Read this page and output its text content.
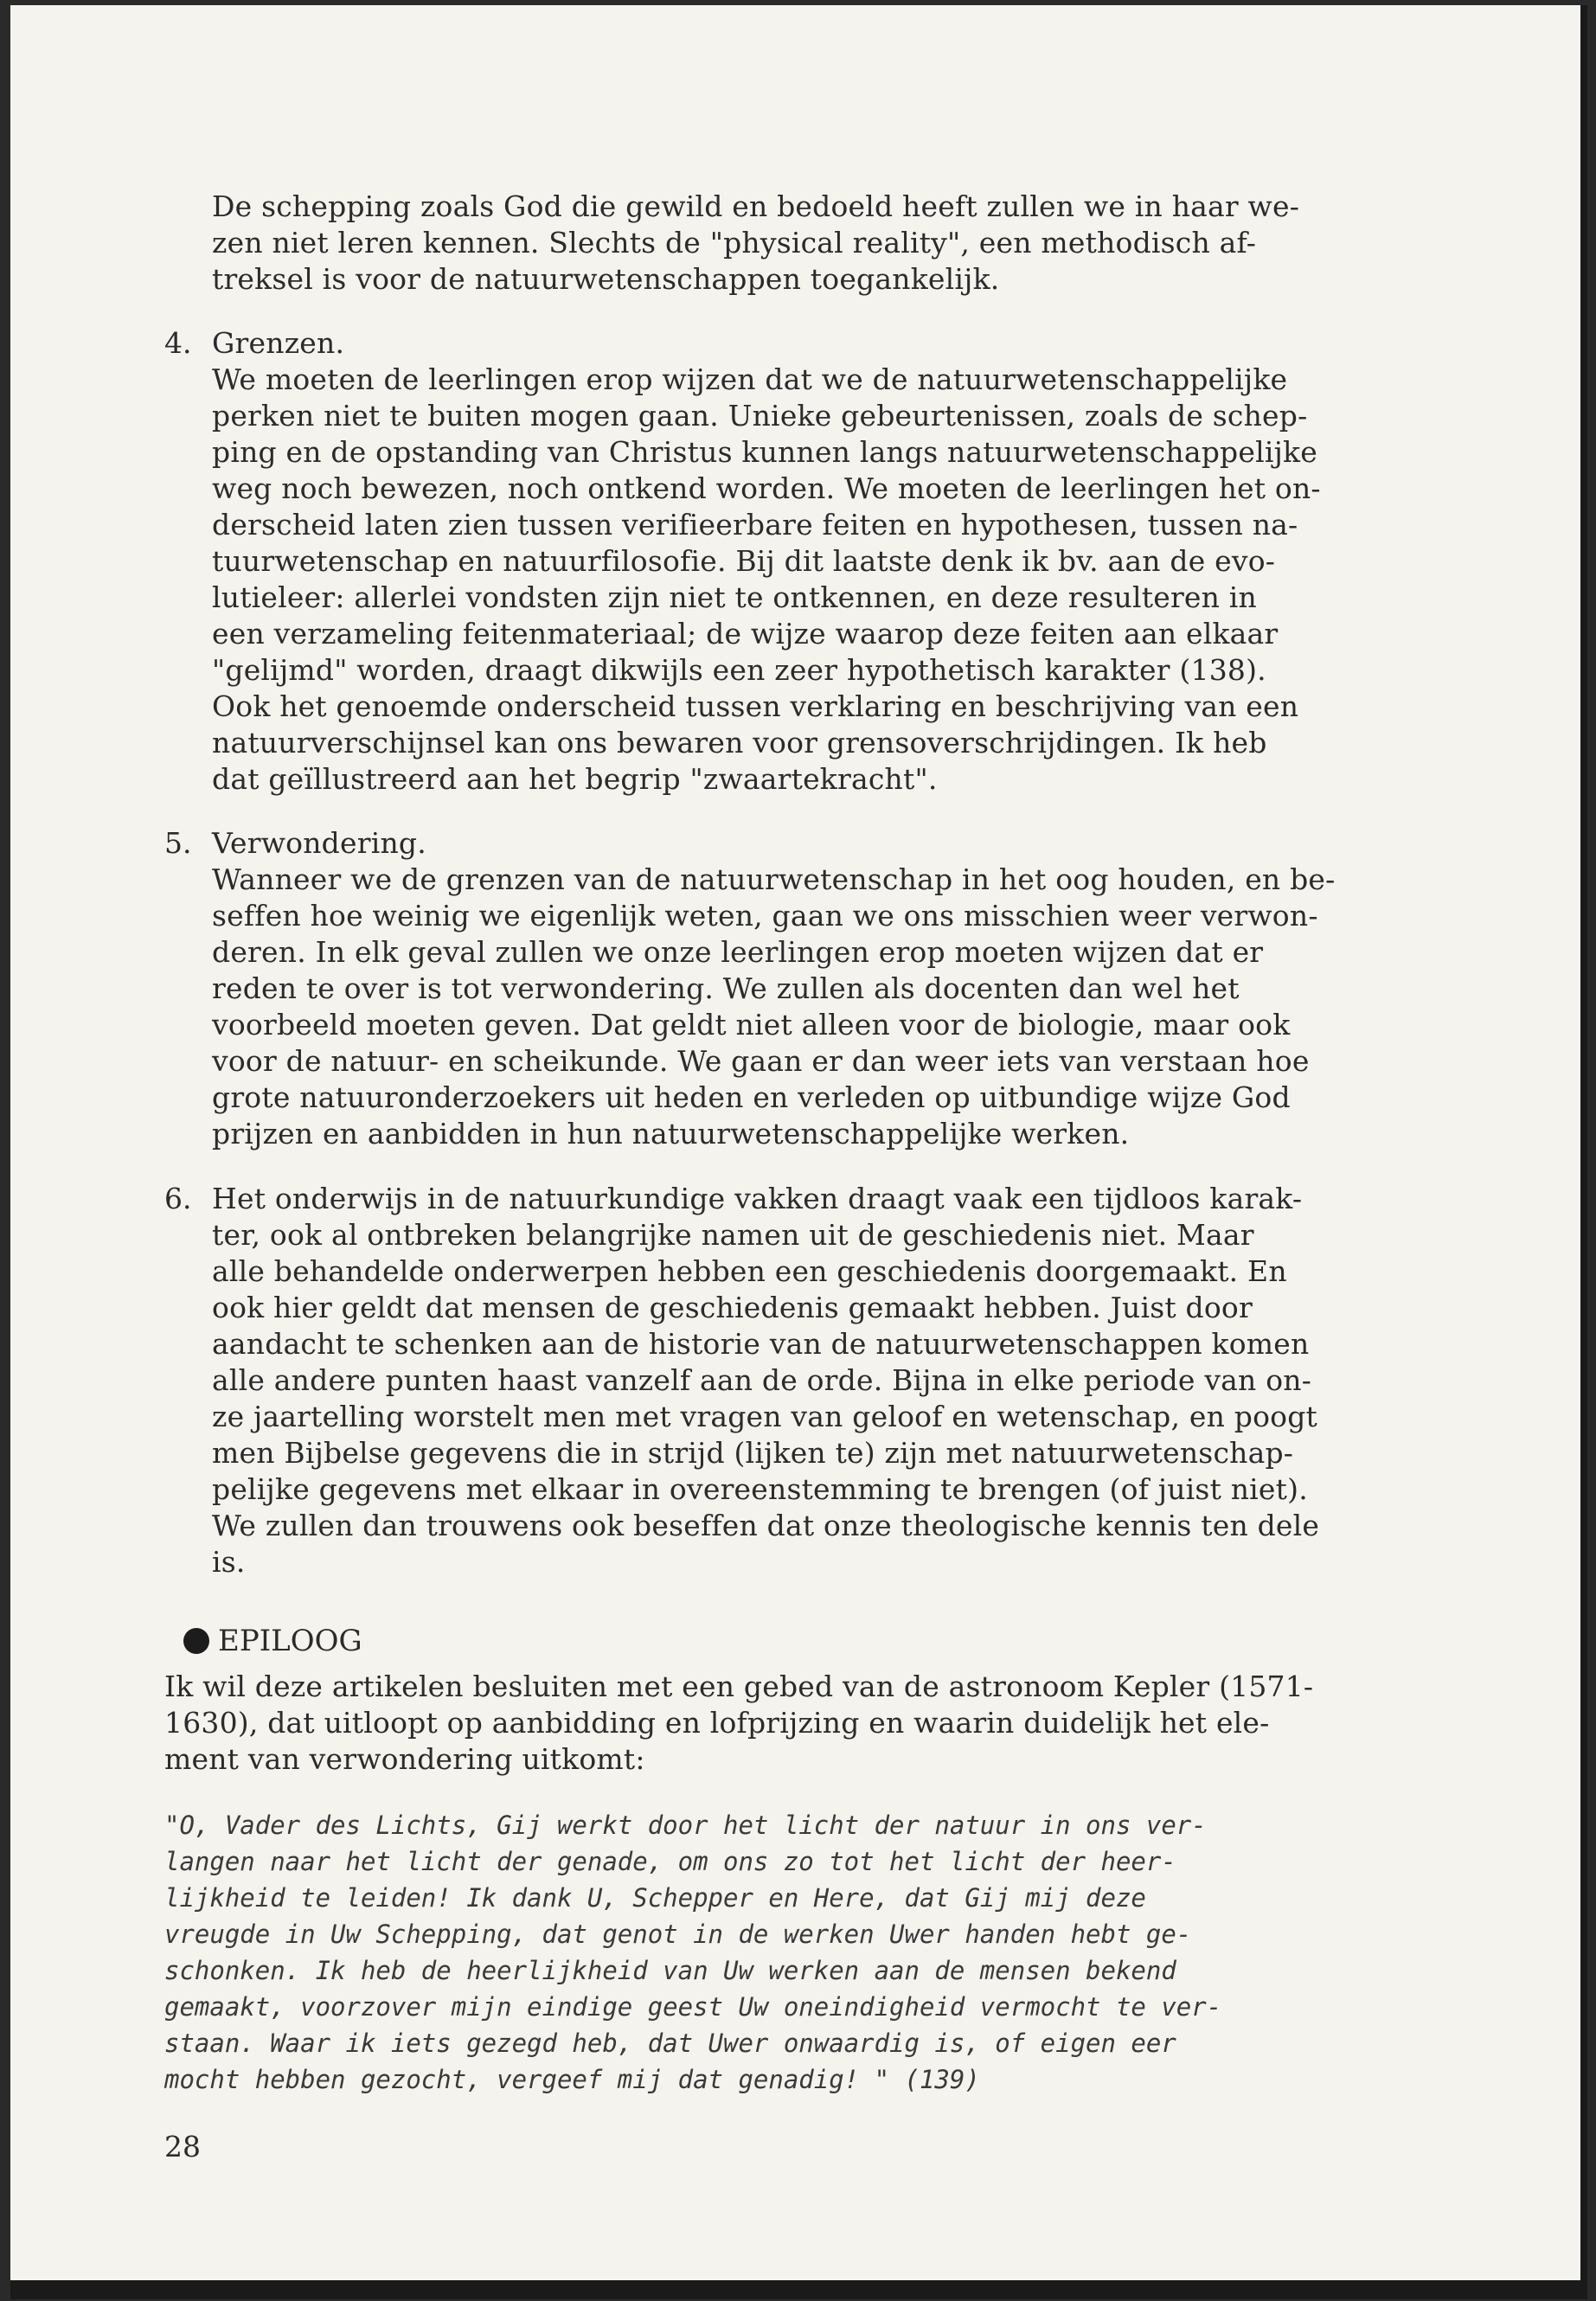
De schepping zoals God die gewild en bedoeld heeft zullen we in haar we-
zen niet leren kennen. Slechts de "physical reality", een methodisch af-
treksel is voor de natuurwetenschappen toegankelijk.
4. Grenzen.
We moeten de leerlingen erop wijzen dat we de natuurwetenschappelijke
perken niet te buiten mogen gaan. Unieke gebeurtenissen, zoals de schep-
ping en de opstanding van Christus kunnen langs natuurwetenschappelijke
weg noch bewezen, noch ontkend worden. We moeten de leerlingen het on-
derscheid laten zien tussen verifieerbare feiten en hypothesen, tussen na-
tuurwetenschap en natuurfilosofie. Bij dit laatste denk ik bv. aan de evo-
lutieleer: allerlei vondsten zijn niet te ontkennen, en deze resulteren in
een verzameling feitenmateriaal; de wijze waarop deze feiten aan elkaar
"gelijmd" worden, draagt dikwijls een zeer hypothetisch karakter (138).
Ook het genoemde onderscheid tussen verklaring en beschrijving van een
natuurverschijnsel kan ons bewaren voor grensoverschrijdingen. Ik heb
dat geïllustreerd aan het begrip "zwaartekracht".
5. Verwondering.
Wanneer we de grenzen van de natuurwetenschap in het oog houden, en be-
seffen hoe weinig we eigenlijk weten, gaan we ons misschien weer verwon-
deren. In elk geval zullen we onze leerlingen erop moeten wijzen dat er
reden te over is tot verwondering. We zullen als docenten dan wel het
voorbeeld moeten geven. Dat geldt niet alleen voor de biologie, maar ook
voor de natuur- en scheikunde. We gaan er dan weer iets van verstaan hoe
grote natuuronderzoekers uit heden en verleden op uitbundige wijze God
prijzen en aanbidden in hun natuurwetenschappelijke werken.
6. Het onderwijs in de natuurkundige vakken draagt vaak een tijdloos karak-
ter, ook al ontbreken belangrijke namen uit de geschiedenis niet. Maar
alle behandelde onderwerpen hebben een geschiedenis doorgemaakt. En
ook hier geldt dat mensen de geschiedenis gemaakt hebben. Juist door
aandacht te schenken aan de historie van de natuurwetenschappen komen
alle andere punten haast vanzelf aan de orde. Bijna in elke periode van on-
ze jaartelling worstelt men met vragen van geloof en wetenschap, en poogt
men Bijbelse gegevens die in strijd (lijken te) zijn met natuurwetenschap-
pelijke gegevens met elkaar in overeenstemming te brengen (of juist niet).
We zullen dan trouwens ook beseffen dat onze theologische kennis ten dele
is.
EPILOOG
Ik wil deze artikelen besluiten met een gebed van de astronoom Kepler (1571-
1630), dat uitloopt op aanbidding en lofprijzing en waarin duidelijk het ele-
ment van verwondering uitkomt:
"O, Vader des Lichts, Gij werkt door het licht der natuur in ons ver-
langen naar het licht der genade, om ons zo tot het licht der heer-
lijkheid te leiden! Ik dank U, Schepper en Here, dat Gij mij deze
vreugde in Uw Schepping, dat genot in de werken Uwer handen hebt ge-
schonken. Ik heb de heerlijkheid van Uw werken aan de mensen bekend
gemaakt, voorzover mijn eindige geest Uw oneindigheid vermocht te ver-
staan. Waar ik iets gezegd heb, dat Uwer onwaardig is, of eigen eer
mocht hebben gezocht, vergeef mij dat genadig! " (139)
28
